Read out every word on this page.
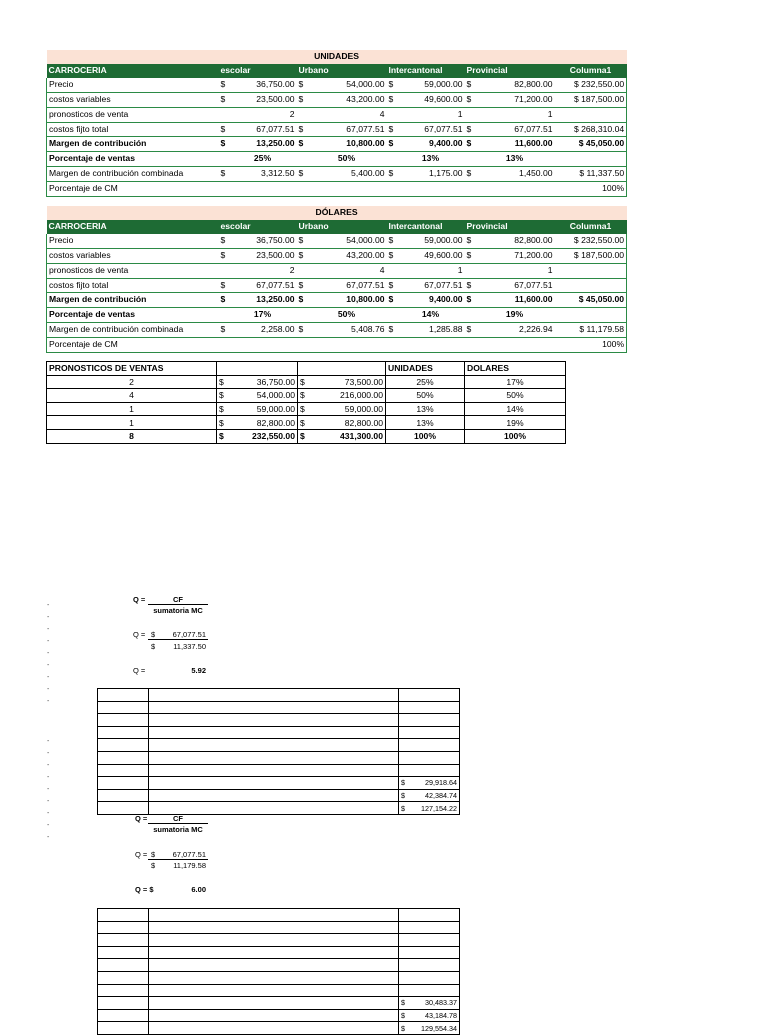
UNIDADES									
CARROCERIA	escolar		Urbano		Intercantonal		Provincial		Columna1
Precio	$	36,750.00	$	54,000.00	$	59,000.00	$	82,800.00	$ 232,550.00
costos variables	$	23,500.00	$	43,200.00	$	49,600.00	$	71,200.00	$ 187,500.00
pronosticos de venta		2		4		1		1	
costos fijto total	$	67,077.51	$	67,077.51	$	67,077.51	$	67,077.51	$ 268,310.04
Margen de contribución	$	13,250.00	$	10,800.00	$	9,400.00	$	11,600.00	$ 45,050.00
Porcentaje de ventas		25%		50%		13%		13%	
Margen de contribución combinada	$	3,312.50	$	5,400.00	$	1,175.00	$	1,450.00	$ 11,337.50
Porcentaje de CM									100%
DÓLARES									
CARROCERIA	escolar		Urbano		Intercantonal		Provincial		Columna1
Precio	$	36,750.00	$	54,000.00	$	59,000.00	$	82,800.00	$ 232,550.00
costos variables	$	23,500.00	$	43,200.00	$	49,600.00	$	71,200.00	$ 187,500.00
pronosticos de venta		2		4		1		1	
costos fijto total	$	67,077.51	$	67,077.51	$	67,077.51	$	67,077.51	
Margen de contribución	$	13,250.00	$	10,800.00	$	9,400.00	$	11,600.00	$ 45,050.00
Porcentaje de ventas		17%		50%		14%		19%	
Margen de contribución combinada	$	2,258.00	$	5,408.76	$	1,285.88	$	2,226.94	$ 11,179.58
Porcentaje de CM									100%
PRONOSTICOS DE VENTAS			UNIDADES	DOLARES
2	$ 36,750.00	$ 73,500.00	25%	17%
4	$ 54,000.00	$ 216,000.00	50%	50%
1	$ 59,000.00	$ 59,000.00	13%	14%
1	$ 82,800.00	$ 82,800.00	13%	19%
8	$ 232,550.00	$ 431,300.00	100%	100%
-
-
-
-
-
-
-
-
-
-
-
-
-
-
-
-
-
-
Q =	CF
sumatoria MC
Q = $	67,077.51
$	11,337.50
Q =	5.92

		$ 29,918.64

		$ 42,384.74

		$ 127,154.22
Q =	CF
sumatoria MC
Q = $	67,077.51
$	11,179.58
Q = $	6.00

		$ 30,483.37

		$ 43,184.78

		$ 129,554.34
